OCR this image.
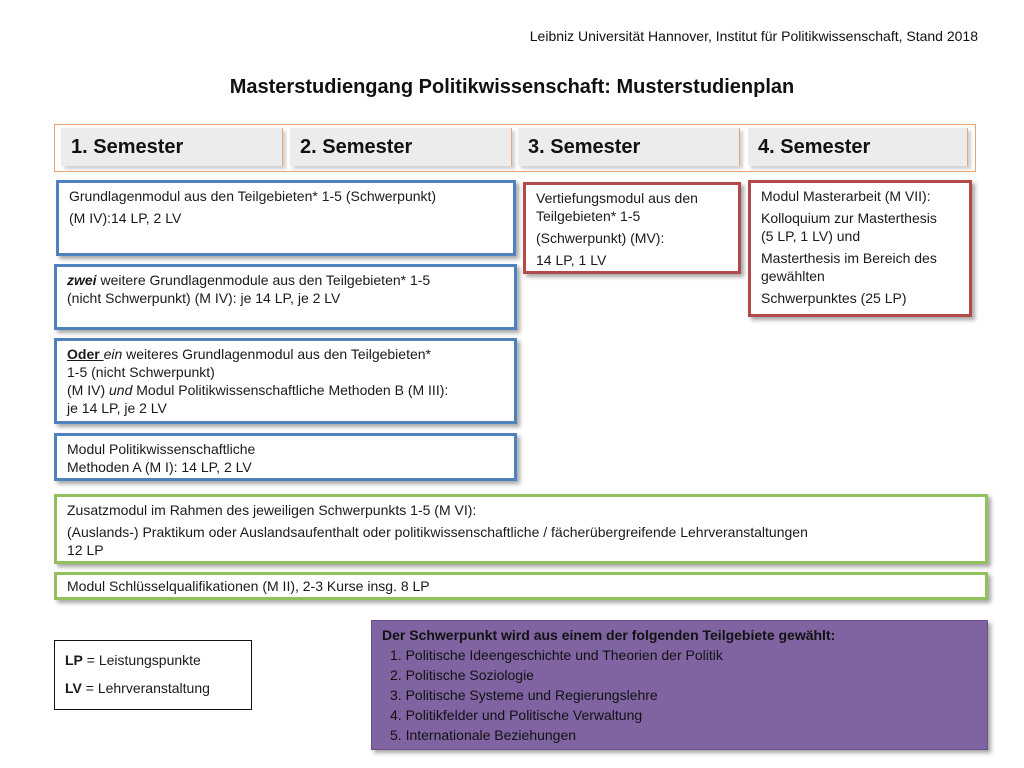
Leibniz Universität Hannover, Institut für Politikwissenschaft, Stand 2018
Masterstudiengang Politikwissenschaft: Musterstudienplan
1. Semester	2. Semester	3. Semester	4. Semester
Grundlagenmodul aus den Teilgebieten* 1-5 (Schwerpunkt)
(M IV):14 LP, 2 LV
zwei weitere Grundlagenmodule aus den Teilgebieten* 1-5
(nicht Schwerpunkt) (M IV): je 14 LP, je 2 LV
Oder ein weiteres Grundlagenmodul aus den Teilgebieten*
1-5 (nicht Schwerpunkt)
(M IV) und Modul Politikwissenschaftliche Methoden B (M III):
je 14 LP, je 2 LV
Modul Politikwissenschaftliche
Methoden A (M I): 14 LP, 2 LV
Vertiefungsmodul aus den
Teilgebieten* 1-5
(Schwerpunkt) (MV):
14 LP, 1 LV
Modul Masterarbeit (M VII):
Kolloquium zur Masterthesis
(5 LP, 1 LV) und
Masterthesis im Bereich des
gewählten
Schwerpunktes (25 LP)
Zusatzmodul im Rahmen des jeweiligen Schwerpunkts 1-5 (M VI):
(Auslands-) Praktikum oder Auslandsaufenthalt oder politikwissenschaftliche / fächerübergreifende Lehrveranstaltungen
12 LP
Modul Schlüsselqualifikationen (M II), 2-3 Kurse insg. 8 LP
LP = Leistungspunkte
LV = Lehrveranstaltung
Der Schwerpunkt wird aus einem der folgenden Teilgebiete gewählt:
1. Politische Ideengeschichte und Theorien der Politik
2. Politische Soziologie
3. Politische Systeme und Regierungslehre
4. Politikfelder und Politische Verwaltung
5. Internationale Beziehungen
